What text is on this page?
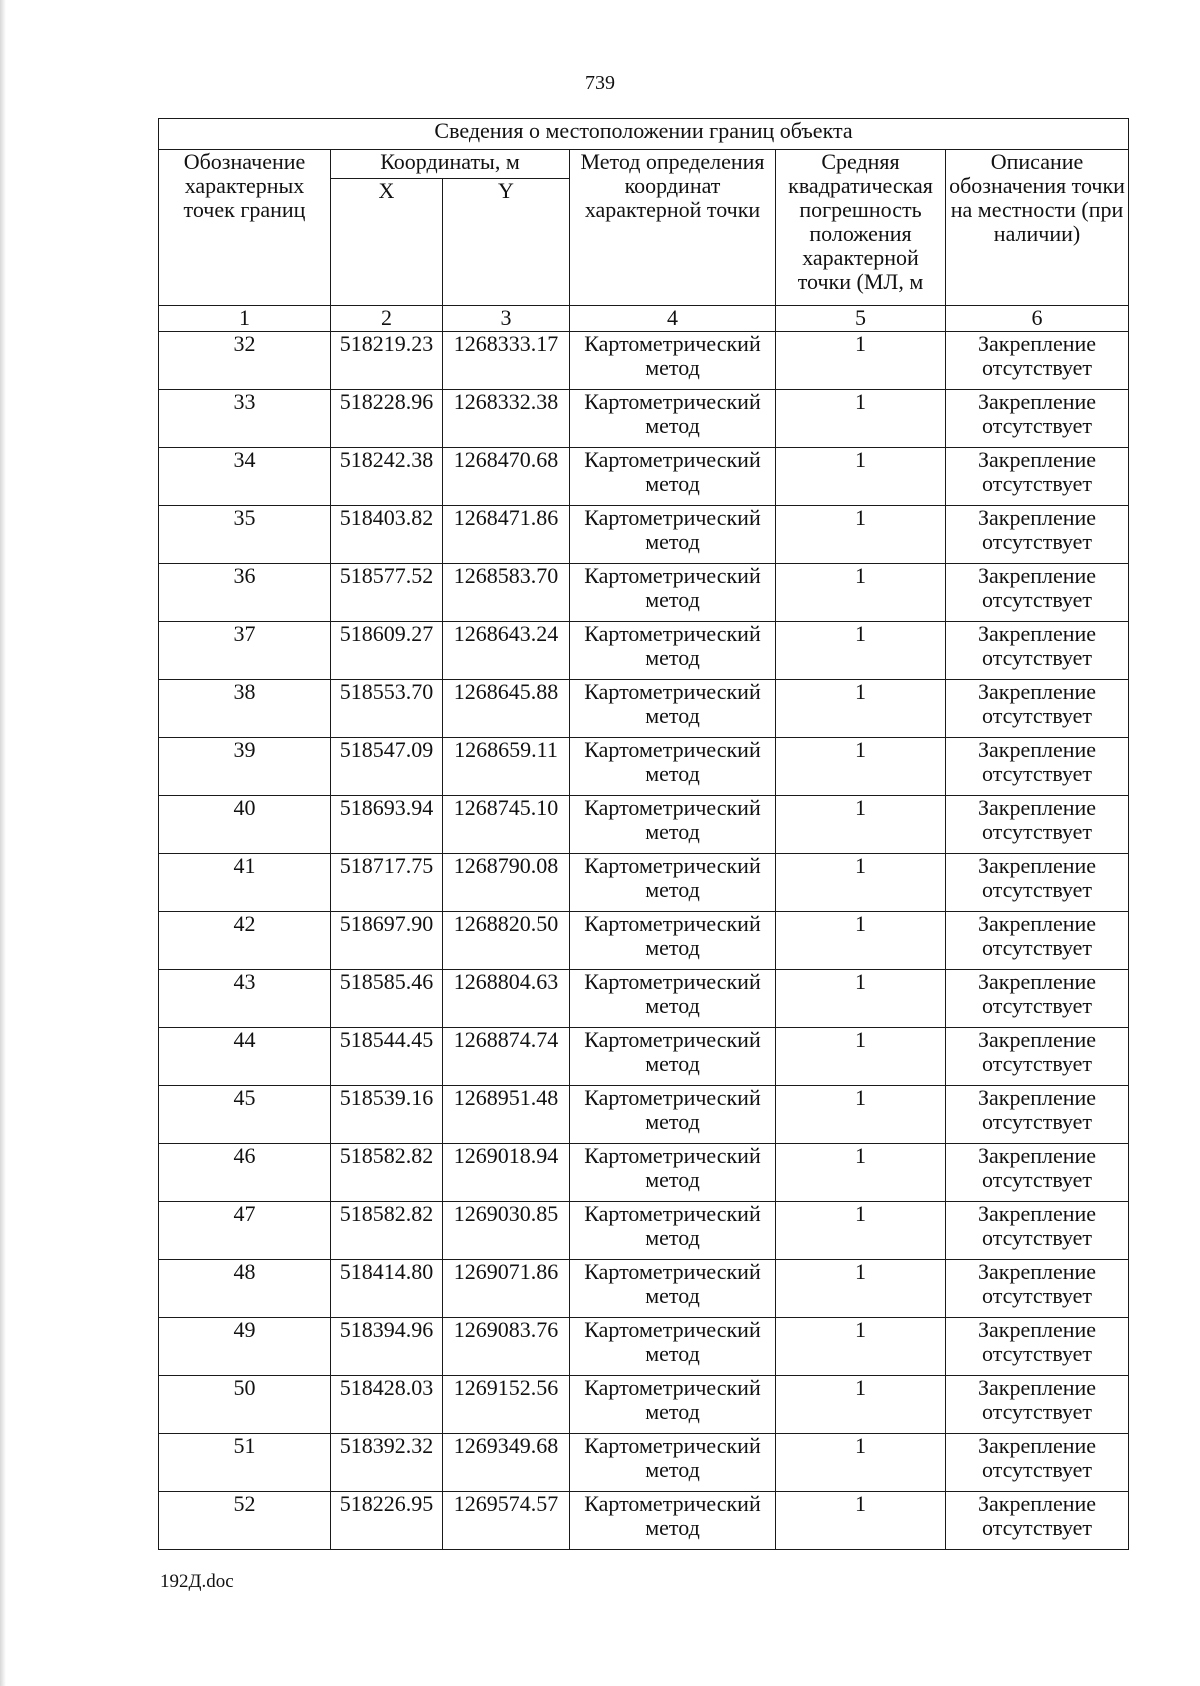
739
Сведения о местоположении границ объекта					
Обозначение характерных точек границ	Координаты, м		Метод определения координат характерной точки	Средняя квадратическая погрешность положения характерной точки (МЛ, м	Описание обозначения точки на местности (при наличии)
	X	Y			
1	2	3	4	5	6
32	518219.23	1268333.17	Картометрический метод	1	Закрепление отсутствует
33	518228.96	1268332.38	Картометрический метод	1	Закрепление отсутствует
34	518242.38	1268470.68	Картометрический метод	1	Закрепление отсутствует
35	518403.82	1268471.86	Картометрический метод	1	Закрепление отсутствует
36	518577.52	1268583.70	Картометрический метод	1	Закрепление отсутствует
37	518609.27	1268643.24	Картометрический метод	1	Закрепление отсутствует
38	518553.70	1268645.88	Картометрический метод	1	Закрепление отсутствует
39	518547.09	1268659.11	Картометрический метод	1	Закрепление отсутствует
40	518693.94	1268745.10	Картометрический метод	1	Закрепление отсутствует
41	518717.75	1268790.08	Картометрический метод	1	Закрепление отсутствует
42	518697.90	1268820.50	Картометрический метод	1	Закрепление отсутствует
43	518585.46	1268804.63	Картометрический метод	1	Закрепление отсутствует
44	518544.45	1268874.74	Картометрический метод	1	Закрепление отсутствует
45	518539.16	1268951.48	Картометрический метод	1	Закрепление отсутствует
46	518582.82	1269018.94	Картометрический метод	1	Закрепление отсутствует
47	518582.82	1269030.85	Картометрический метод	1	Закрепление отсутствует
48	518414.80	1269071.86	Картометрический метод	1	Закрепление отсутствует
49	518394.96	1269083.76	Картометрический метод	1	Закрепление отсутствует
50	518428.03	1269152.56	Картометрический метод	1	Закрепление отсутствует
51	518392.32	1269349.68	Картометрический метод	1	Закрепление отсутствует
52	518226.95	1269574.57	Картометрический метод	1	Закрепление отсутствует
192Д.doc
